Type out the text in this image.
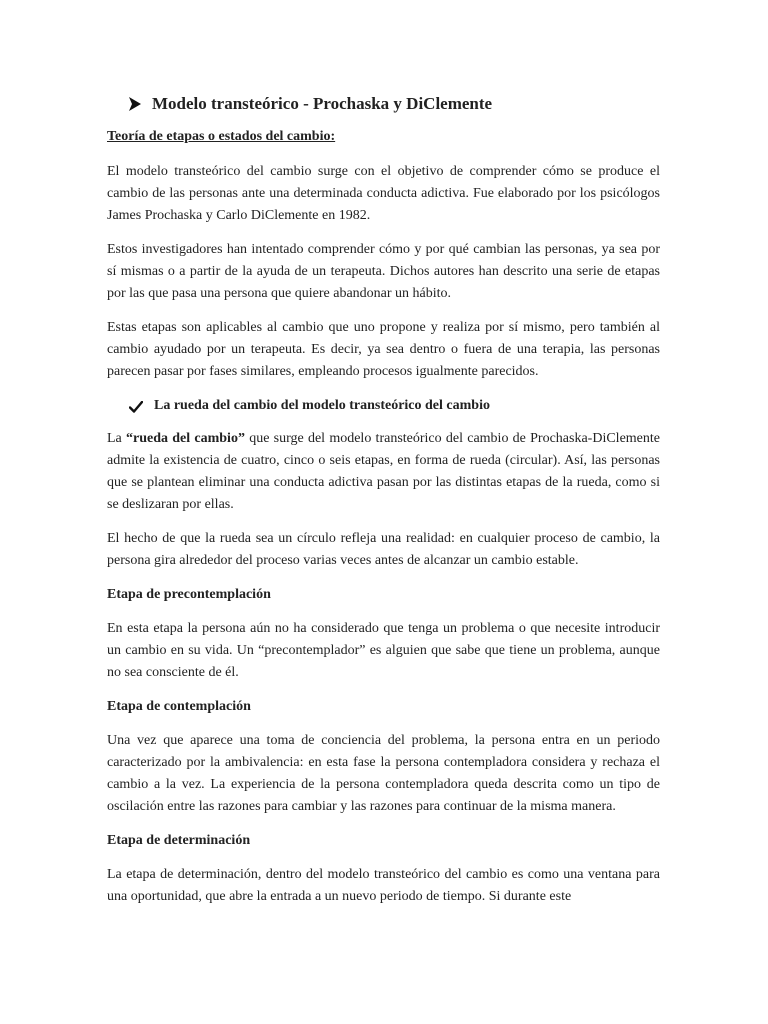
Modelo transteórico - Prochaska y DiClemente
Teoría de etapas o estados del cambio:

El modelo transteórico del cambio surge con el objetivo de comprender cómo se produce el cambio de las personas ante una determinada conducta adictiva. Fue elaborado por los psicólogos James Prochaska y Carlo DiClemente en 1982.

Estos investigadores han intentado comprender cómo y por qué cambian las personas, ya sea por sí mismas o a partir de la ayuda de un terapeuta. Dichos autores han descrito una serie de etapas por las que pasa una persona que quiere abandonar un hábito.

Estas etapas son aplicables al cambio que uno propone y realiza por sí mismo, pero también al cambio ayudado por un terapeuta. Es decir, ya sea dentro o fuera de una terapia, las personas parecen pasar por fases similares, empleando procesos igualmente parecidos.

La rueda del cambio del modelo transteórico del cambio

La “rueda del cambio” que surge del modelo transteórico del cambio de Prochaska-DiClemente admite la existencia de cuatro, cinco o seis etapas, en forma de rueda (circular). Así, las personas que se plantean eliminar una conducta adictiva pasan por las distintas etapas de la rueda, como si se deslizaran por ellas.

El hecho de que la rueda sea un círculo refleja una realidad: en cualquier proceso de cambio, la persona gira alrededor del proceso varias veces antes de alcanzar un cambio estable.

Etapa de precontemplación

En esta etapa la persona aún no ha considerado que tenga un problema o que necesite introducir un cambio en su vida. Un “precontemplador” es alguien que sabe que tiene un problema, aunque no sea consciente de él.

Etapa de contemplación

Una vez que aparece una toma de conciencia del problema, la persona entra en un periodo caracterizado por la ambivalencia: en esta fase la persona contempladora considera y rechaza el cambio a la vez. La experiencia de la persona contempladora queda descrita como un tipo de oscilación entre las razones para cambiar y las razones para continuar de la misma manera.

Etapa de determinación

La etapa de determinación, dentro del modelo transteórico del cambio es como una ventana para una oportunidad, que abre la entrada a un nuevo periodo de tiempo. Si durante este
